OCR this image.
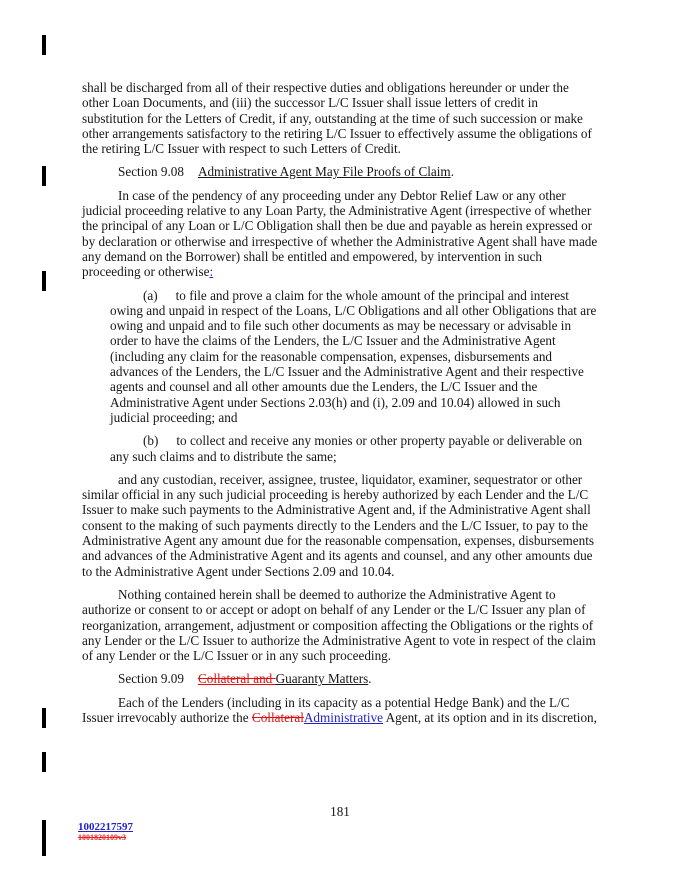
shall be discharged from all of their respective duties and obligations hereunder or under the other Loan Documents, and (iii) the successor L/C Issuer shall issue letters of credit in substitution for the Letters of Credit, if any, outstanding at the time of such succession or make other arrangements satisfactory to the retiring L/C Issuer to effectively assume the obligations of the retiring L/C Issuer with respect to such Letters of Credit.

Section 9.08 Administrative Agent May File Proofs of Claim.

In case of the pendency of any proceeding under any Debtor Relief Law or any other judicial proceeding relative to any Loan Party, the Administrative Agent (irrespective of whether the principal of any Loan or L/C Obligation shall then be due and payable as herein expressed or by declaration or otherwise and irrespective of whether the Administrative Agent shall have made any demand on the Borrower) shall be entitled and empowered, by intervention in such proceeding or otherwise:

(a) to file and prove a claim for the whole amount of the principal and interest owing and unpaid in respect of the Loans, L/C Obligations and all other Obligations that are owing and unpaid and to file such other documents as may be necessary or advisable in order to have the claims of the Lenders, the L/C Issuer and the Administrative Agent (including any claim for the reasonable compensation, expenses, disbursements and advances of the Lenders, the L/C Issuer and the Administrative Agent and their respective agents and counsel and all other amounts due the Lenders, the L/C Issuer and the Administrative Agent under Sections 2.03(h) and (i), 2.09 and 10.04) allowed in such judicial proceeding; and

(b) to collect and receive any monies or other property payable or deliverable on any such claims and to distribute the same;

and any custodian, receiver, assignee, trustee, liquidator, examiner, sequestrator or other similar official in any such judicial proceeding is hereby authorized by each Lender and the L/C Issuer to make such payments to the Administrative Agent and, if the Administrative Agent shall consent to the making of such payments directly to the Lenders and the L/C Issuer, to pay to the Administrative Agent any amount due for the reasonable compensation, expenses, disbursements and advances of the Administrative Agent and its agents and counsel, and any other amounts due to the Administrative Agent under Sections 2.09 and 10.04.

Nothing contained herein shall be deemed to authorize the Administrative Agent to authorize or consent to or accept or adopt on behalf of any Lender or the L/C Issuer any plan of reorganization, arrangement, adjustment or composition affecting the Obligations or the rights of any Lender or the L/C Issuer to authorize the Administrative Agent to vote in respect of the claim of any Lender or the L/C Issuer or in any such proceeding.

Section 9.09 Collateral and Guaranty Matters.

Each of the Lenders (including in its capacity as a potential Hedge Bank) and the L/C Issuer irrevocably authorize the CollateralAdministrative Agent, at its option and in its discretion,

181
1002217597
1001820109v3
